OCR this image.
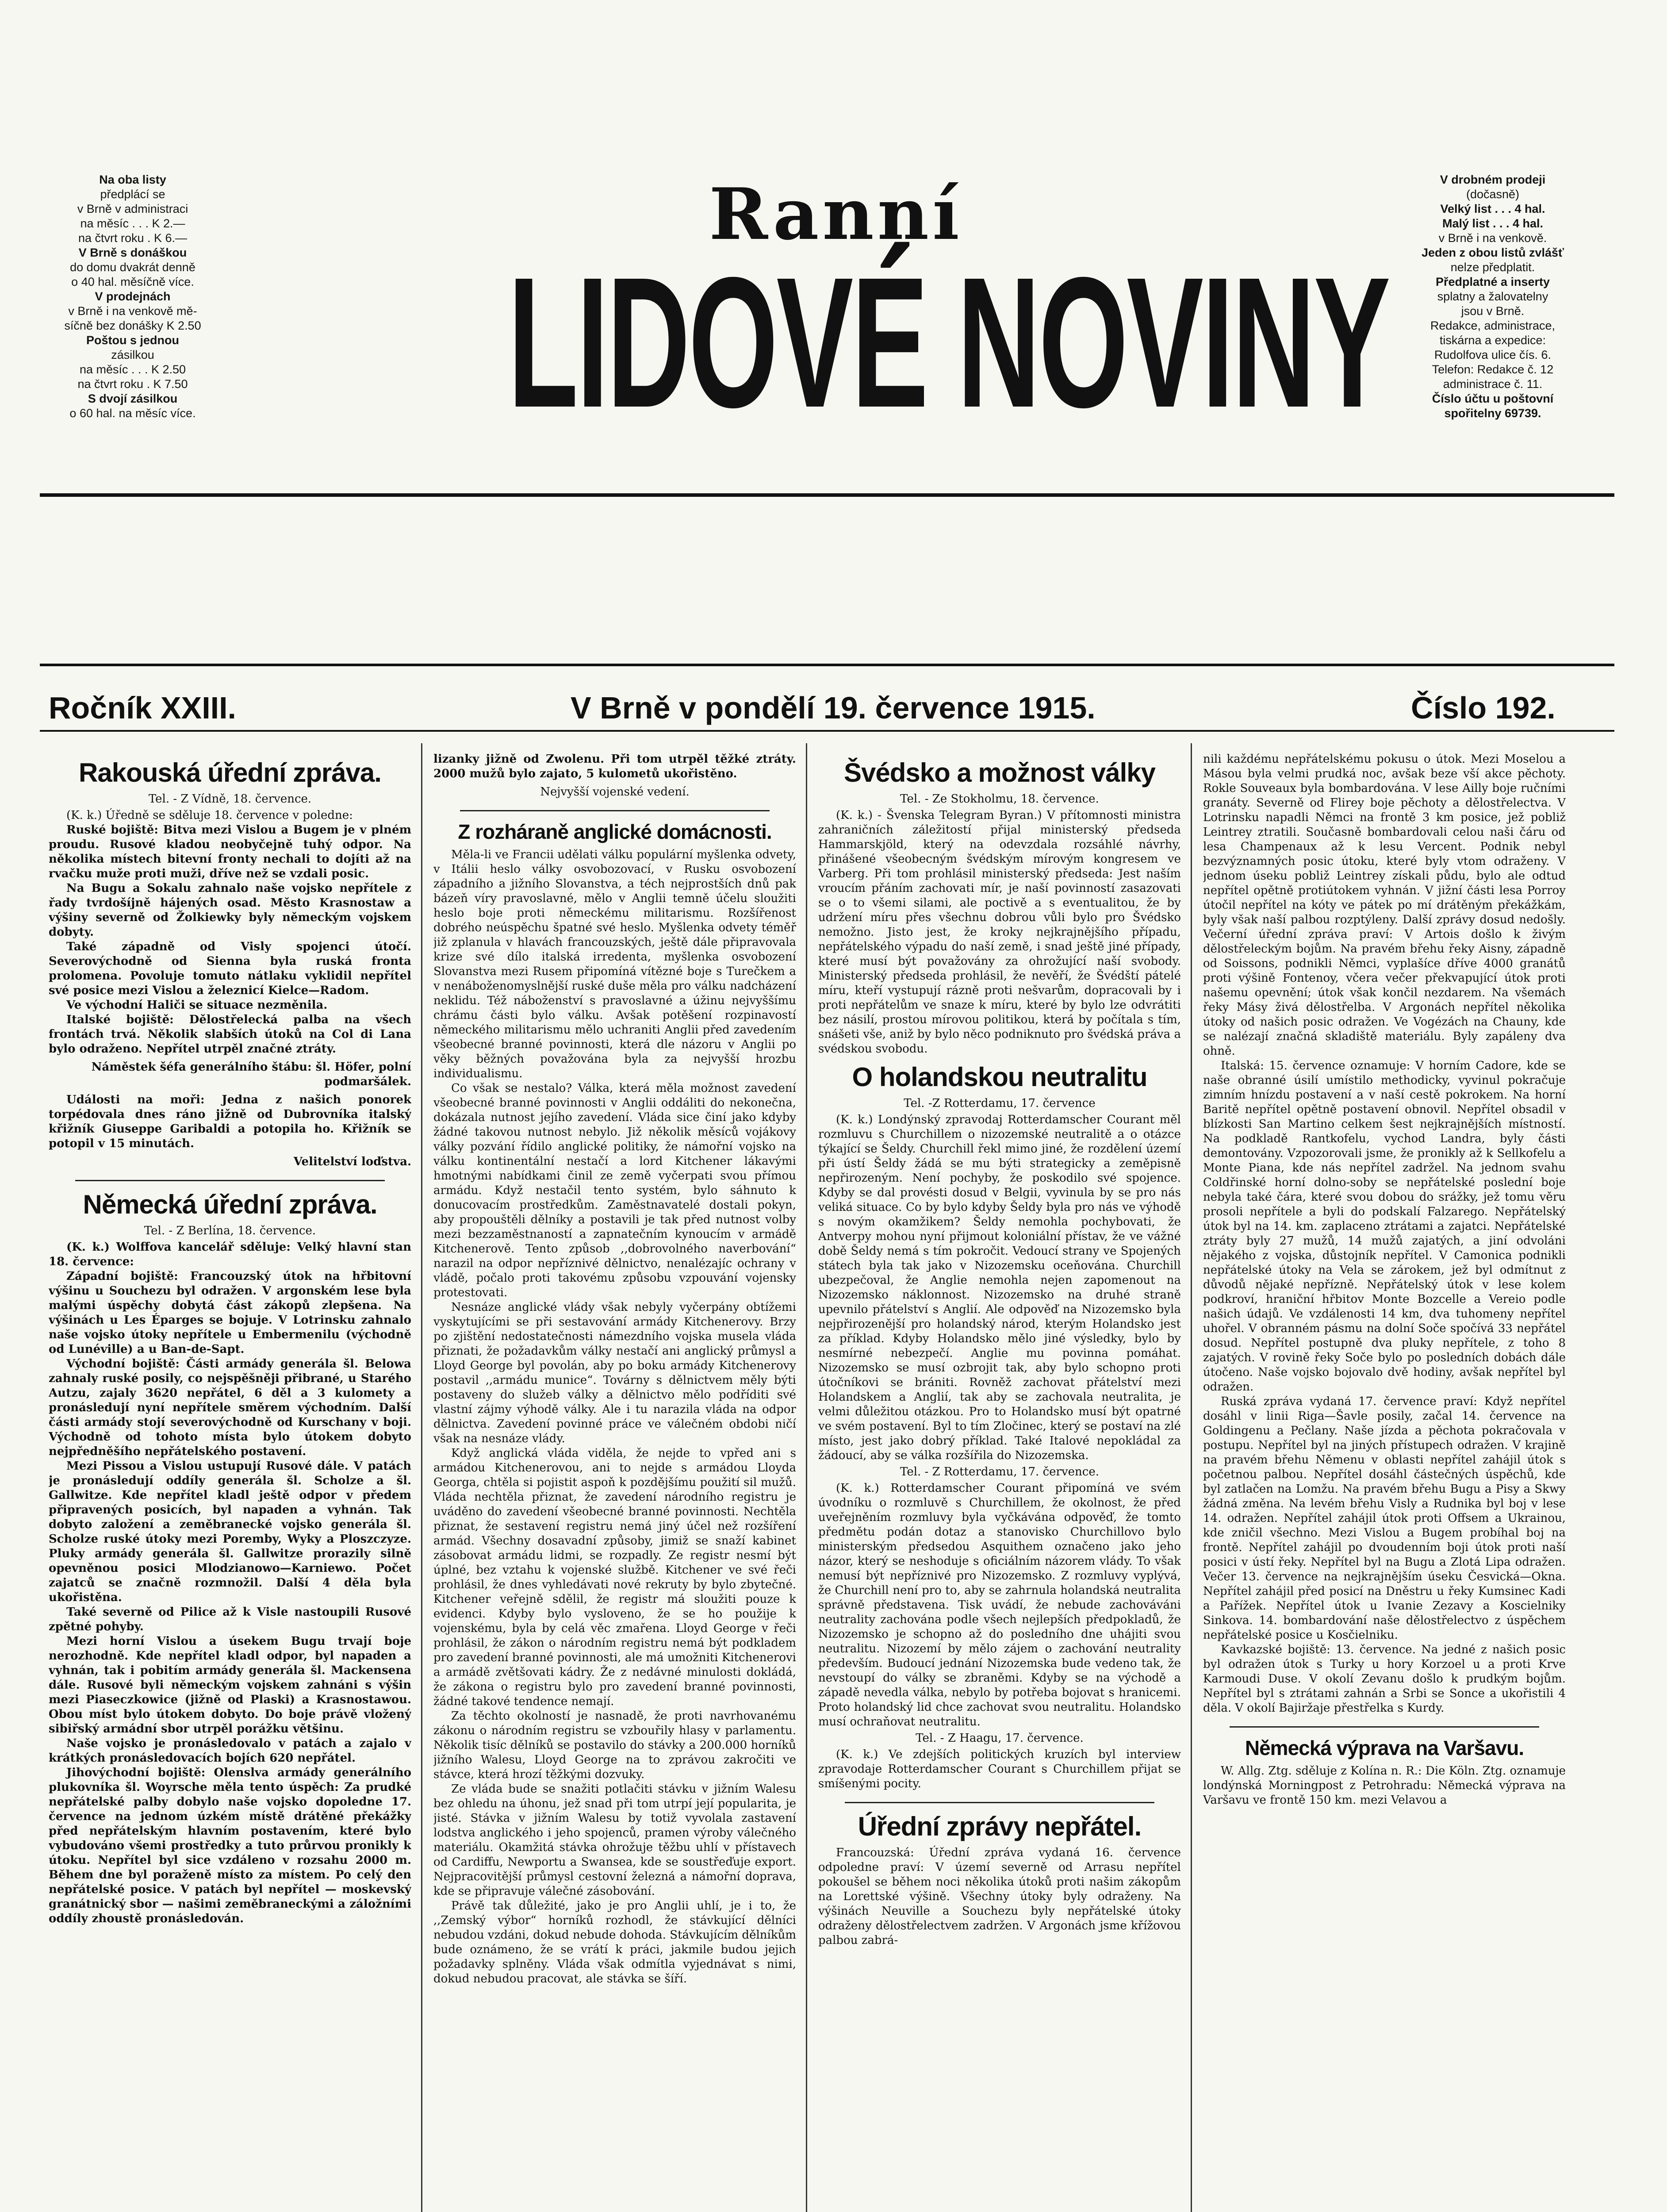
Na oba listy
předplácí se
v Brně v administraci
na měsíc . . . K 2.—
na čtvrt roku . K 6.—
V Brně s donáškou
do domu dvakrát denně
o 40 hal. měsíčně více.
V prodejnách
v Brně i na venkově mě-
síčně bez donášky K 2.50
Poštou s jednou
zásilkou
na měsíc . . . K 2.50
na čtvrt roku . K 7.50
S dvojí zásilkou
o 60 hal. na měsíc více.
Ranní
LIDOVÉ NOVINY
V drobném prodeji
(dočasně)
Velký list . . . 4 hal.
Malý list . . . 4 hal.
v Brně i na venkově.
Jeden z obou listů zvlášť
nelze předplatit.
Předplatné a inserty
splatny a žalovatelny
jsou v Brně.
Redakce, administrace,
tiskárna a expedice:
Rudolfova ulice čís. 6.
Telefon: Redakce č. 12
administrace č. 11.
Číslo účtu u poštovní
spořitelny 69739.
Ročník XXIII.	V Brně v pondělí 19. července 1915.	Číslo 192.
Rakouská úřední zpráva.
Tel. - Z Vídně, 18. července.

(K. k.) Úředně se sděluje 18. července v poledne:

Ruské bojiště: Bitva mezi Vislou a Bugem je v plném proudu. Rusové kladou neobyčejně tuhý odpor. Na několika místech bitevní fronty nechali to dojíti až na rvačku muže proti muži, dříve než se vzdali posic.

Na Bugu a Sokalu zahnalo naše vojsko nepřítele z řady tvrdošíjně hájených osad. Město Krasnostaw a výšiny severně od Žolkiewky byly německým vojskem dobyty.

Také západně od Visly spojenci útočí. Severovýchodně od Sienna byla ruská fronta prolomena. Povoluje tomuto nátlaku vyklidil nepřítel své posice mezi Vislou a železnicí Kielce—Radom.

Ve východní Haliči se situace nezměnila.

Italské bojiště: Dělostřelecká palba na všech frontách trvá. Několik slabších útoků na Col di Lana bylo odraženo. Nepřítel utrpěl značné ztráty.

Náměstek šéfa generálního štábu: šl. Höfer, polní podmaršálek.

Události na moři: Jedna z našich ponorek torpédovala dnes ráno jižně od Dubrovníka italský křižník Giuseppe Garibaldi a potopila ho. Křižník se potopil v 15 minutách.

Velitelství loďstva.
Německá úřední zpráva.
Tel. - Z Berlína, 18. července.

(K. k.) Wolffova kancelář sděluje: Velký hlavní stan 18. července:

Západní bojiště: Francouzský útok na hřbitovní výšinu u Souchezu byl odražen. V argonském lese byla malými úspěchy dobytá část zákopů zlepšena. Na výšinách u Les Éparges se bojuje. V Lotrinsku zahnalo naše vojsko útoky nepřítele u Embermenilu (východně od Lunéville) a u Ban-de-Sapt.

Východní bojiště: Části armády generála šl. Belowa zahnaly ruské posily, co nejspěšněji přibrané, u Starého Autzu, zajaly 3620 nepřátel, 6 děl a 3 kulomety a pronásledují nyní nepřítele směrem východním. Další části armády stojí severovýchodně od Kurschany v boji. Východně od tohoto místa bylo útokem dobyto nejpředněšího nepřátelského postavení.

Mezi Pissou a Vislou ustupují Rusové dále. V patách je pronásledují oddíly generála šl. Scholze a šl. Gallwitze. Kde nepřítel kladl ještě odpor v předem připravených posicích, byl napaden a vyhnán. Tak dobyto založení a zeměbranecké vojsko generála šl. Scholze ruské útoky mezi Poremby, Wyky a Ploszczyze. Pluky armády generála šl. Gallwitze prorazily silně opevněnou posici Mlodzianowo—Karniewo. Počet zajatců se značně rozmnožil. Další 4 děla byla ukořistěna.

Také severně od Pilice až k Visle nastoupili Rusové zpětné pohyby.

Mezi horní Vislou a úsekem Bugu trvají boje nerozhodně. Kde nepřítel kladl odpor, byl napaden a vyhnán, tak i pobitím armády generála šl. Mackensena dále. Rusové byli německým vojskem zahnáni s výšin mezi Piaseczkowice (jižně od Plaski) a Krasnostawou. Obou míst bylo útokem dobyto. Do boje právě vložený sibiřský armádní sbor utrpěl porážku většinu.

Naše vojsko je pronásledovalo v patách a zajalo v krátkých pronásledovacích bojích 620 nepřátel.

Jihovýchodní bojiště: Olenslva armády generálního plukovníka šl. Woyrsche měla tento úspěch: Za prudké nepřátelské palby dobylo naše vojsko dopoledne 17. července na jednom úzkém místě drátěné překážky před nepřátelským hlavním postavením, které bylo vybudováno všemi prostředky a tuto průrvou pronikly k útoku. Nepřítel byl sice vzdáleno v rozsahu 2000 m. Během dne byl poraženě místo za místem. Po celý den nepřátelské posice. V patách byl nepřítel — moskevský granátnický sbor — našimi zeměbraneckými a záložními oddíly zhoustě pronásledován.

lizanky jižně od Zwolenu. Při tom utrpěl těžké ztráty. 2000 mužů bylo zajato, 5 kulometů ukořistěno.

Nejvyšší vojenské vedení.
Z rozháraně anglické domácnosti.

Měla-li ve Francii udělati válku populární myšlenka odvety, v Itálii heslo války osvobozovací, v Rusku osvobození západního a jižního Slovanstva, a téch nejprostších dnů pak bázeň víry pravoslavné, mělo v Anglii temně účelu sloužiti heslo boje proti německému militarismu. Rozšířenost dobrého neúspěchu špatné své heslo. Myšlenka odvety téměř již zplanula v hlavách francouzských, ještě dále připravovala krize své dílo italská irredenta, myšlenka osvobození Slovanstva mezi Rusem připomíná vítězné boje s Turečkem a v nenáboženomyslnější ruské duše měla pro válku nadcházení neklidu. Též náboženství s pravoslavné a úžinu nejvyššímu chrámu části bylo válku. Avšak potěšení rozpinavostí německého militarismu mělo uchraniti Anglii před zavedením všeobecné branné povinnosti, která dle názoru v Anglii po věky běžných považována byla za nejvyšší hrozbu individualismu.

Co však se nestalo? Válka, která měla možnost zavedení všeobecné branné povinnosti v Anglii oddáliti do nekonečna, dokázala nutnost jejího zavedení. Vláda sice činí jako kdyby žádné takovou nutnost nebylo. Již několik měsíců vojákovy války pozvání řídilo anglické politiky, že námořní vojsko na válku kontinentální nestačí a lord Kitchener lákavými hmotnými nabídkami činil ze země vyčerpati svou přímou armádu. Když nestačil tento systém, bylo sáhnuto k donucovacím prostředkům. Zaměstnavatelé dostali pokyn, aby propouštěli dělníky a postavili je tak před nutnost volby mezi bezzaměstnaností a zapnatečním kynoucím v armádě Kitchenerově. Tento způsob ,,dobrovolného naverbování“ narazil na odpor nepříznivé dělnictvo, nenalézajíc ochrany v vládě, počalo proti takovému způsobu vzpouvání vojensky protestovati.

Nesnáze anglické vlády však nebyly vyčerpány obtížemi vyskytujícími se při sestavování armády Kitchenerovy. Brzy po zjištění nedostatečnosti námezdního vojska musela vláda přiznati, že požadavkům války nestačí ani anglický průmysl a Lloyd George byl povolán, aby po boku armády Kitchenerovy postavil ,,armádu munice“. Továrny s dělnictvem měly býti postaveny do služeb války a dělnictvo mělo podříditi své vlastní zájmy výhodě války. Ale i tu narazila vláda na odpor dělnictva. Zavedení povinné práce ve válečném obdobi ničí však na nesnáze vlády.

Když anglická vláda viděla, že nejde to vpřed ani s armádou Kitchenerovou, ani to nejde s armádou Lloyda Georga, chtěla si pojistit aspoň k pozdějšímu použití sil mužů. Vláda nechtěla přiznat, že zavedení národního registru je uváděno do zavedení všeobecné branné povinnosti. Nechtěla přiznat, že sestavení registru nemá jiný účel než rozšíření armád. Všechny dosavadní způsoby, jimiž se snaží kabinet zásobovat armádu lidmi, se rozpadly. Ze registr nesmí být úplné, bez vztahu k vojenské službě. Kitchener ve své řeči prohlásil, že dnes vyhledávati nové rekruty by bylo zbytečné. Kitchener veřejně sdělil, že registr má sloužiti pouze k evidenci. Kdyby bylo vysloveno, že se ho použije k vojenskému, byla by celá věc zmařena. Lloyd George v řeči prohlásil, že zákon o národním registru nemá být podkladem pro zavedení branné povinnosti, ale má umožniti Kitchenerovi a armádě zvětšovati kádry. Že z nedávné minulosti dokládá, že zákona o registru bylo pro zavedení branné povinnosti, žádné takové tendence nemají.

Za těchto okolností je nasnadě, že proti navrhovanému zákonu o národním registru se vzbouřily hlasy v parlamentu. Několik tisíc dělníků se postavilo do stávky a 200.000 horníků jižního Walesu, Lloyd George na to zprávou zakročiti ve stávce, která hrozí těžkými dozvuky.

Ze vláda bude se snažiti potlačiti stávku v jižním Walesu bez ohledu na úhonu, jež snad při tom utrpí její popularita, je jisté. Stávka v jižním Walesu by totiž vyvolala zastavení lodstva anglického i jeho spojenců, pramen výroby válečného materiálu. Okamžitá stávka ohrožuje těžbu uhlí v přístavech od Cardiffu, Newportu a Swansea, kde se soustřeďuje export. Nejpracovitější průmysl cestovní železná a námořní doprava, kde se připravuje válečné zásobování.

Právě tak důležité, jako je pro Anglii uhlí, je i to, že ,,Zemský výbor“ horníků rozhodl, že stávkující dělníci nebudou vzdáni, dokud nebude dohoda. Stávkujícím dělníkům bude oznámeno, že se vrátí k práci, jakmile budou jejich požadavky splněny. Vláda však odmítla vyjednávat s nimi, dokud nebudou pracovat, ale stávka se šíří.

Švédsko a možnost války
Tel. - Ze Stokholmu, 18. července.

(K. k.) - Švenska Telegram Byran.) V přítomnosti ministra zahraničních záležitostí přijal ministerský předseda Hammarskjöld, který na odevzdala rozsáhlé návrhy, přinášené všeobecným švédským mírovým kongresem ve Varberg. Při tom prohlásil ministerský předseda: Jest naším vroucím přáním zachovati mír, je naší povinností zasazovati se o to všemi silami, ale poctivě a s eventualitou, že by udržení míru přes všechnu dobrou vůli bylo pro Švédsko nemožno. Jisto jest, že kroky nejkrajnějšího případu, nepřátelského výpadu do naší země, i snad ještě jiné případy, které musí být považovány za ohrožující naší svobody. Ministerský předseda prohlásil, že nevěří, že Švédští pátelé míru, kteří vystupují rázně proti nešvarům, dopracovali by i proti nepřátelům ve snaze k míru, které by bylo lze odvrátiti bez násilí, prostou mírovou politikou, která by počítala s tím, snášeti vše, aniž by bylo něco podniknuto pro švédská práva a svédskou svobodu.

O holandskou neutralitu
Tel. -Z Rotterdamu, 17. července

(K. k.) Londýnský zpravodaj Rotterdamscher Courant měl rozmluvu s Churchillem o nizozemské neutralitě a o otázce týkající se Šeldy. Churchill řekl mimo jiné, že rozdělení území při ústí Šeldy žádá se mu býti strategicky a zeměpisně nepřirozeným. Není pochyby, že poskodilo své spojence. Kdyby se dal provésti dosud v Belgii, vyvinula by se pro nás veliká situace. Co by bylo kdyby Šeldy byla pro nás ve výhodě s novým okamžikem? Šeldy nemohla pochybovati, že Antverpy mohou nyní přijmout koloniální přístav, že ve vážné době Šeldy nemá s tím pokročit. Vedoucí strany ve Spojených státech byla tak jako v Nizozemsku oceňována. Churchill ubezpečoval, že Anglie nemohla nejen zapomenout na Nizozemsko náklonnost. Nizozemsko na druhé straně upevnilo přátelství s Anglií. Ale odpověď na Nizozemsko byla nejpřirozenější pro holandský národ, kterým Holandsko jest za příklad. Kdyby Holandsko mělo jiné výsledky, bylo by nesmírné nebezpečí. Anglie mu povinna pomáhat. Nizozemsko se musí ozbrojit tak, aby bylo schopno proti útočníkovi se brániti. Rovněž zachovat přátelství mezi Holandskem a Anglií, tak aby se zachovala neutralita, je velmi důležitou otázkou. Pro to Holandsko musí být opatrné ve svém postavení. Byl to tím Zločinec, který se postaví na zlé místo, jest jako dobrý příklad. Také Italové nepokládal za žádoucí, aby se válka rozšířila do Nizozemska.

Tel. - Z Rotterdamu, 17. července.

(K. k.) Rotterdamscher Courant připomíná ve svém úvodníku o rozmluvě s Churchillem, že okolnost, že před uveřejněním rozmluvy byla vyčkávána odpověď, že tomto předmětu podán dotaz a stanovisko Churchillovo bylo ministerským předsedou Asquithem označeno jako jeho názor, který se neshoduje s oficiálním názorem vlády. To však nemusí být nepříznivé pro Nizozemsko. Z rozmluvy vyplývá, že Churchill není pro to, aby se zahrnula holandská neutralita správně představena. Tisk uvádí, že nebude zachováváni neutrality zachována podle všech nejlepších předpokladů, že Nizozemsko je schopno až do posledního dne uhájiti svou neutralitu. Nizozemí by mělo zájem o zachování neutrality především. Budoucí jednání Nizozemska bude vedeno tak, že nevstoupí do války se zbraněmi. Kdyby se na východě a západě nevedla válka, nebylo by potřeba bojovat s hranicemi. Proto holandský lid chce zachovat svou neutralitu. Holandsko musí ochraňovat neutralitu.

Tel. - Z Haagu, 17. července.

(K. k.) Ve zdejších politických kruzích byl interview zpravodaje Rotterdamscher Courant s Churchillem přijat se smíšenými pocity.

Úřední zprávy nepřátel.

Francouzská: Úřední zpráva vydaná 16. července odpoledne praví: V území severně od Arrasu nepřítel pokoušel se během noci několika útoků proti našim zákopům na Lorettské výšině. Všechny útoky byly odraženy. Na výšinách Neuville a Souchezu byly nepřátelské útoky odraženy dělostřelectvem zadržen. V Argonách jsme křížovou palbou zabrá-

nili každému nepřátelskému pokusu o útok. Mezi Moselou a Másou byla velmi prudká noc, avšak beze vší akce pěchoty. Rokle Souveaux byla bombardována. V lese Ailly boje ručními granáty. Severně od Flirey boje pěchoty a dělostřelectva. V Lotrinsku napadli Němci na frontě 3 km posice, jež pobliž Leintrey ztratili. Současně bombardovali celou naši čáru od lesa Champenaux až k lesu Vercent. Podnik nebyl bezvýznamných posic útoku, které byly vtom odraženy. V jednom úseku pobliž Leintrey získali půdu, bylo ale odtud nepřítel opětně protiútokem vyhnán. V jižní části lesa Porroy útočil nepřítel na kóty ve pátek po mí drátěným překážkám, byly však naší palbou rozptýleny. Další zprávy dosud nedošly. Večerní úřední zpráva praví: V Artois došlo k živým dělostřeleckým bojům. Na pravém břehu řeky Aisny, západně od Soissons, podnikli Němci, vyplašíce dříve 4000 granátů proti výšině Fontenoy, včera večer překvapující útok proti našemu opevnění; útok však končil nezdarem. Na všemách řeky Másy živá dělostřelba. V Argonách nepřítel několika útoky od našich posic odražen. Ve Vogézách na Chauny, kde se nalézají značná skladiště materiálu. Byly zapáleny dva ohně.

Italská: 15. července oznamuje: V horním Cadore, kde se naše obranné úsilí umístilo methodicky, vyvinul pokračuje zimním hnízdu postavení a v naší cestě pokrokem. Na horní Baritě nepřítel opětně postavení obnovil. Nepřítel obsadil v blízkosti San Martino celkem šest nejkrajnějších místností. Na podkladě Rantkofelu, vychod Landra, byly části demontovány. Vzpozorovali jsme, že pronikly až k Sellkofelu a Monte Piana, kde nás nepřítel zadržel. Na jednom svahu Coldřinské horní dolno-soby se nepřátelské poslední boje nebyla také čára, které svou dobou do srážky, jež tomu věru prosoli nepřítele a byli do podskalí Falzarego. Nepřátelský útok byl na 14. km. zaplaceno ztrátami a zajatci. Nepřátelské ztráty byly 27 mužů, 14 mužů zajatých, a jiní odvoláni nějakého z vojska, důstojník nepřítel. V Camonica podnikli nepřátelské útoky na Vela se zárokem, jež byl odmítnut z důvodů nějaké nepřízně. Nepřátelský útok v lese kolem podkroví, hraniční hřbitov Monte Bozcelle a Vereio podle našich údajů. Ve vzdálenosti 14 km, dva tuhomeny nepřítel uhořel. V obranném pásmu na dolní Soče spočívá 33 nepřátel dosud. Nepřítel postupně dva pluky nepřítele, z toho 8 zajatých. V rovině řeky Soče bylo po posledních dobách dále útočeno. Naše vojsko bojovalo dvě hodiny, avšak nepřítel byl odražen.

Ruská zpráva vydaná 17. července praví: Když nepřítel dosáhl v linii Riga—Šavle posily, začal 14. července na Goldingenu a Pečlany. Naše jízda a pěchota pokračovala v postupu. Nepřítel byl na jiných přístupech odražen. V krajině na pravém břehu Němenu v oblasti nepřítel zahájil útok s početnou palbou. Nepřítel dosáhl částečných úspěchů, kde byl zatlačen na Lomžu. Na pravém břehu Bugu a Pisy a Skwy žádná změna. Na levém břehu Visly a Rudnika byl boj v lese 14. odražen. Nepřítel zahájil útok proti Offsem a Ukrainou, kde zničil všechno. Mezi Vislou a Bugem probíhal boj na frontě. Nepřítel zahájil po dvoudenním boji útok proti naší posici v ústí řeky. Nepřítel byl na Bugu a Zlotá Lipa odražen. Večer 13. července na nejkrajnějším úseku Česvická—Okna. Nepřítel zahájil před posicí na Dněstru u řeky Kumsinec Kadi a Pařížek. Nepřítel útok u Ivanie Zezavy a Koscielniky Sinkova. 14. bombardování naše dělostřelectvo z úspěchem nepřátelské posice u Kosčielniku.

Kavkazské bojiště: 13. července. Na jedné z našich posic byl odražen útok s Turky u hory Korzoel u a proti Krve Karmoudi Duse. V okolí Zevanu došlo k prudkým bojům. Nepřítel byl s ztrátami zahnán a Srbi se Sonce a ukořistili 4 děla. V okolí Bajiržaje přestřelka s Kurdy.

Německá výprava na Varšavu.

W. Allg. Ztg. sděluje z Kolína n. R.: Die Köln. Ztg. oznamuje londýnská Morningpost z Petrohradu: Německá výprava na Varšavu ve frontě 150 km. mezi Velavou a
